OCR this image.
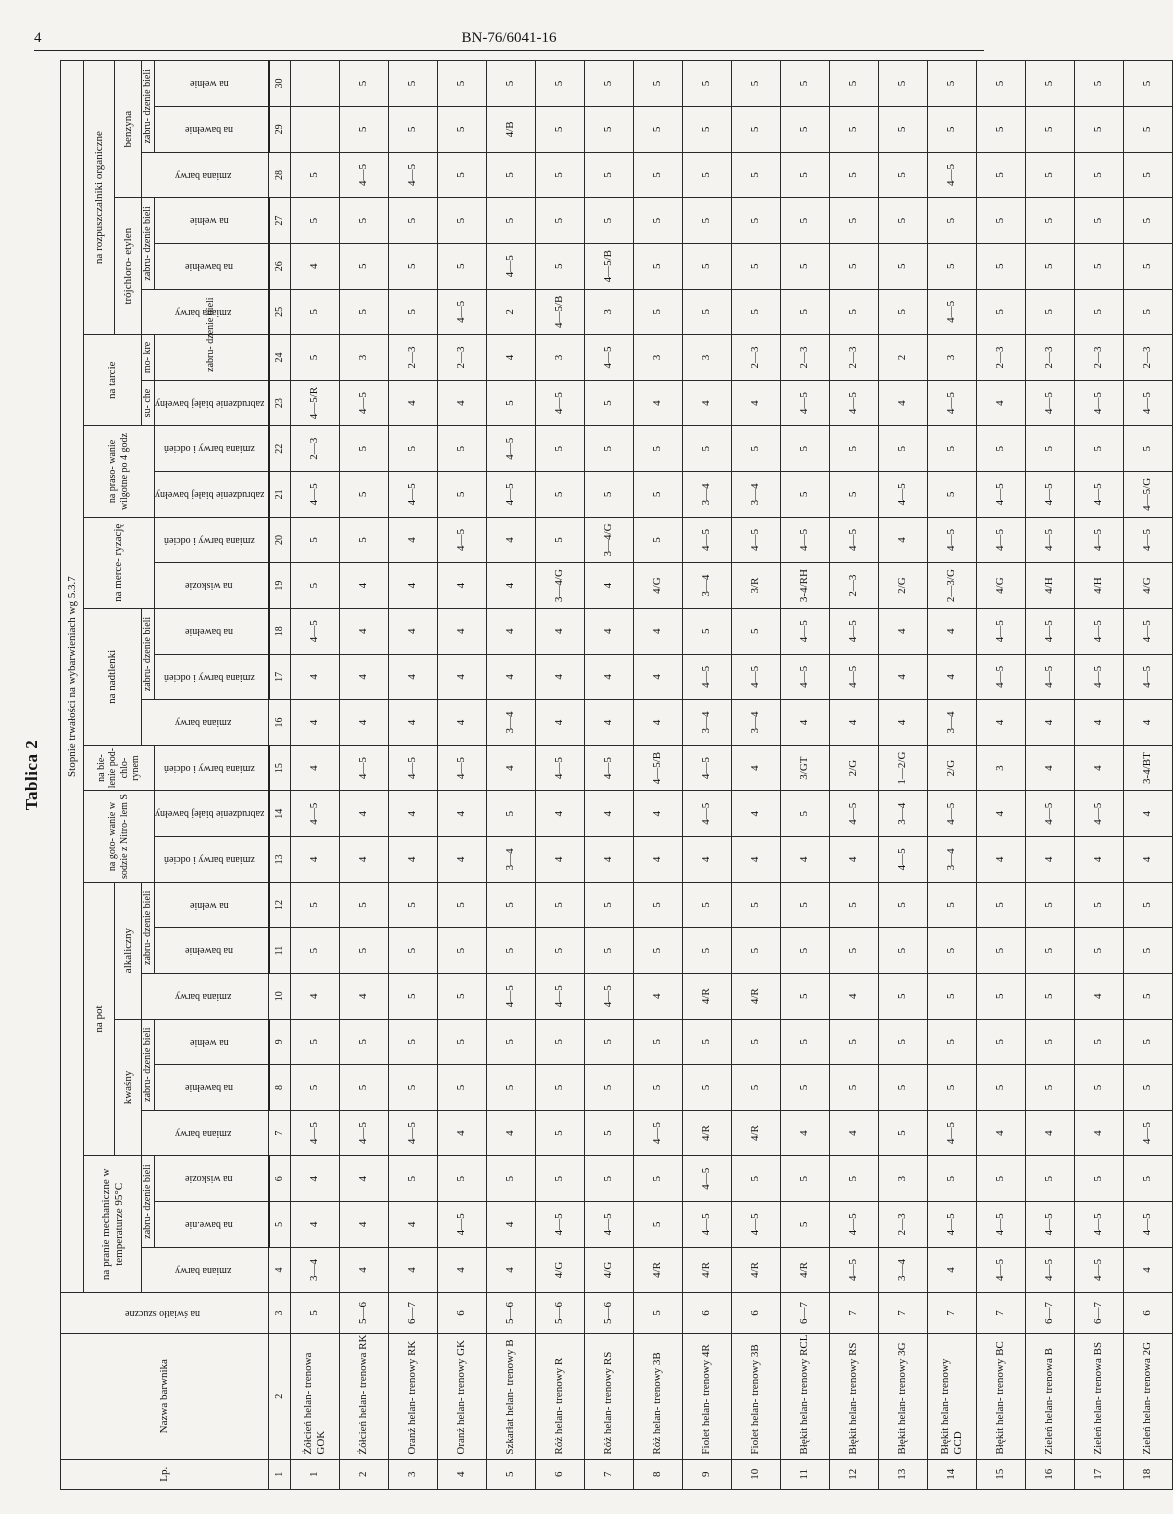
4	BN-76/6041-16
Tablica 2
Lp.	Nazwa barwnika	na światło szuczne	Stopnie trwałości na wybarwieniach wg 5.3.7																										
			na pranie mechaniczne w temperaturze 95°C			na pot						na goto- wanie w sodzie z Nitro- lem S		na bie- lenie pod- chlo- rynem	na nadtlenki			na merce- ryzację		na praso- wanie wilgotne po 4 godz		na tarcie		na rozpuszczalniki organiczne					
						kwaśny			alkaliczny															trójchloro- etylen			benzyna		
			zmiana barwy	zabru- dzenie bieli		zmiana barwy	zabru- dzenie bieli		zmiana barwy	zabru- dzenie bieli					zmiana barwy	zabru- dzenie bieli						su- che	mo- kre	zmiana barwy	zabru- dzenie bieli		zmiana barwy	zabru- dzenie bieli	
				na bawe.nie	na wiskozie		na bawełnie	na wełnie		na bawełnie	na wełnie	zmiana barwy i odcień	zabrudzenie białej bawełny	zmiana barwy i odcień		zmiana barwy i odcień	na bawełnie	na wiskozie	zmiana barwy i odcień	zabrudzenie białej bawełny	zmiana barwy i odcień	zabrudzenie białej bawełny	zabru- dzenie bieli		na bawełnie	na wełnie		na bawełnie	na wełnie
1	2	3	4	5	6	7	8	9	10	11	12	13	14	15	16	17	18	19	20	21	22	23	24	25	26	27	28	29	30
1	Żółcień helan- trenowa GOK	5	3—4	4	4	4—5	5	5	4	5	5	4	4—5	4	4	4	4—5	5	5	4—5	2—3	4—5/R	5	5	4	5	5		
2	Żółcień helan- trenowa RK	5—6	4	4	4	4—5	5	5	4	5	5	4	4	4—5	4	4	4	4	5	5	5	4—5	3	5	5	5	4—5	5	5
3	Oranż helan- trenowy RK	6—7	4	4	5	4—5	5	5	5	5	5	4	4	4—5	4	4	4	4	4	4—5	5	4	2—3	5	5	5	4—5	5	5
4	Oranż helan- trenowy GK	6	4	4—5	5	4	5	5	5	5	5	4	4	4—5	4	4	4	4	4—5	5	5	4	2—3	4—5	5	5	5	5	5
5	Szkarłat helan- trenowy B	5—6	4	4	5	4	5	5	4—5	5	5	3—4	5	4	3—4	4	4	4	4	4—5	4—5	5	4	2	4—5	5	5	4/B	5
6	Róż helan- trenowy R	5—6	4/G	4—5	5	5	5	5	4—5	5	5	4	4	4—5	4	4	4	3—4/G	5	5	5	4—5	3	4—5/B	5	5	5	5	5
7	Róż helan- trenowy RS	5—6	4/G	4—5	5	5	5	5	4—5	5	5	4	4	4—5	4	4	4	4	3—4/G	5	5	5	4—5	3	4—5/B	5	5	5	5
8	Róż helan- trenowy 3B	5	4/R	5	5	4—5	5	5	4	5	5	4	4	4—5/B	4	4	4	4/G	5	5	5	4	3	5	5	5	5	5	5
9	Fiolet helan- trenowy 4R	6	4/R	4—5	4—5	4/R	5	5	4/R	5	5	4	4—5	4—5	3—4	4—5	5	3—4	4—5	3—4	5	4	3	5	5	5	5	5	5
10	Fiolet helan- trenowy 3B	6	4/R	4—5	5	4/R	5	5	4/R	5	5	4	4	4	3—4	4—5	5	3/R	4—5	3—4	5	4	2—3	5	5	5	5	5	5
11	Błękit helan- trenowy RCL	6—7	4/R	5	5	4	5	5	5	5	5	4	5	3/GT	4	4—5	4—5	3-4/RH	4—5	5	5	4—5	2—3	5	5	5	5	5	5
12	Błękit helan- trenowy RS	7	4—5	4—5	5	4	5	5	4	5	5	4	4—5	2/G	4	4—5	4—5	2—3	4—5	5	5	4—5	2—3	5	5	5	5	5	5
13	Błękit helan- trenowy 3G	7	3—4	2—3	3	5	5	5	5	5	5	4—5	3—4	1—2/G	4	4	4	2/G	4	4—5	5	4	2	5	5	5	5	5	5
14	Błękit helan- trenowy GCD	7	4	4—5	5	4—5	5	5	5	5	5	3—4	4—5	2/G	3—4	4	4	2—3/G	4—5	5	5	4—5	3	4—5	5	5	4—5	5	5
15	Błękit helan- trenowy BC	7	4—5	4—5	5	4	5	5	5	5	5	4	4	3	4	4—5	4—5	4/G	4—5	4—5	5	4	2—3	5	5	5	5	5	5
16	Zieleń helan- trenowa B	6—7	4—5	4—5	5	4	5	5	5	5	5	4	4—5	4	4	4—5	4—5	4/H	4—5	4—5	5	4—5	2—3	5	5	5	5	5	5
17	Zieleń helan- trenowa BS	6—7	4—5	4—5	5	4	5	5	4	5	5	4	4—5	4	4	4—5	4—5	4/H	4—5	4—5	5	4—5	2—3	5	5	5	5	5	5
18	Zieleń helan- trenowa 2G	6	4	4—5	5	4—5	5	5	5	5	5	4	4	3-4/BT	4	4—5	4—5	4/G	4—5	4—5/G	5	4—5	2—3	5	5	5	5	5	5
